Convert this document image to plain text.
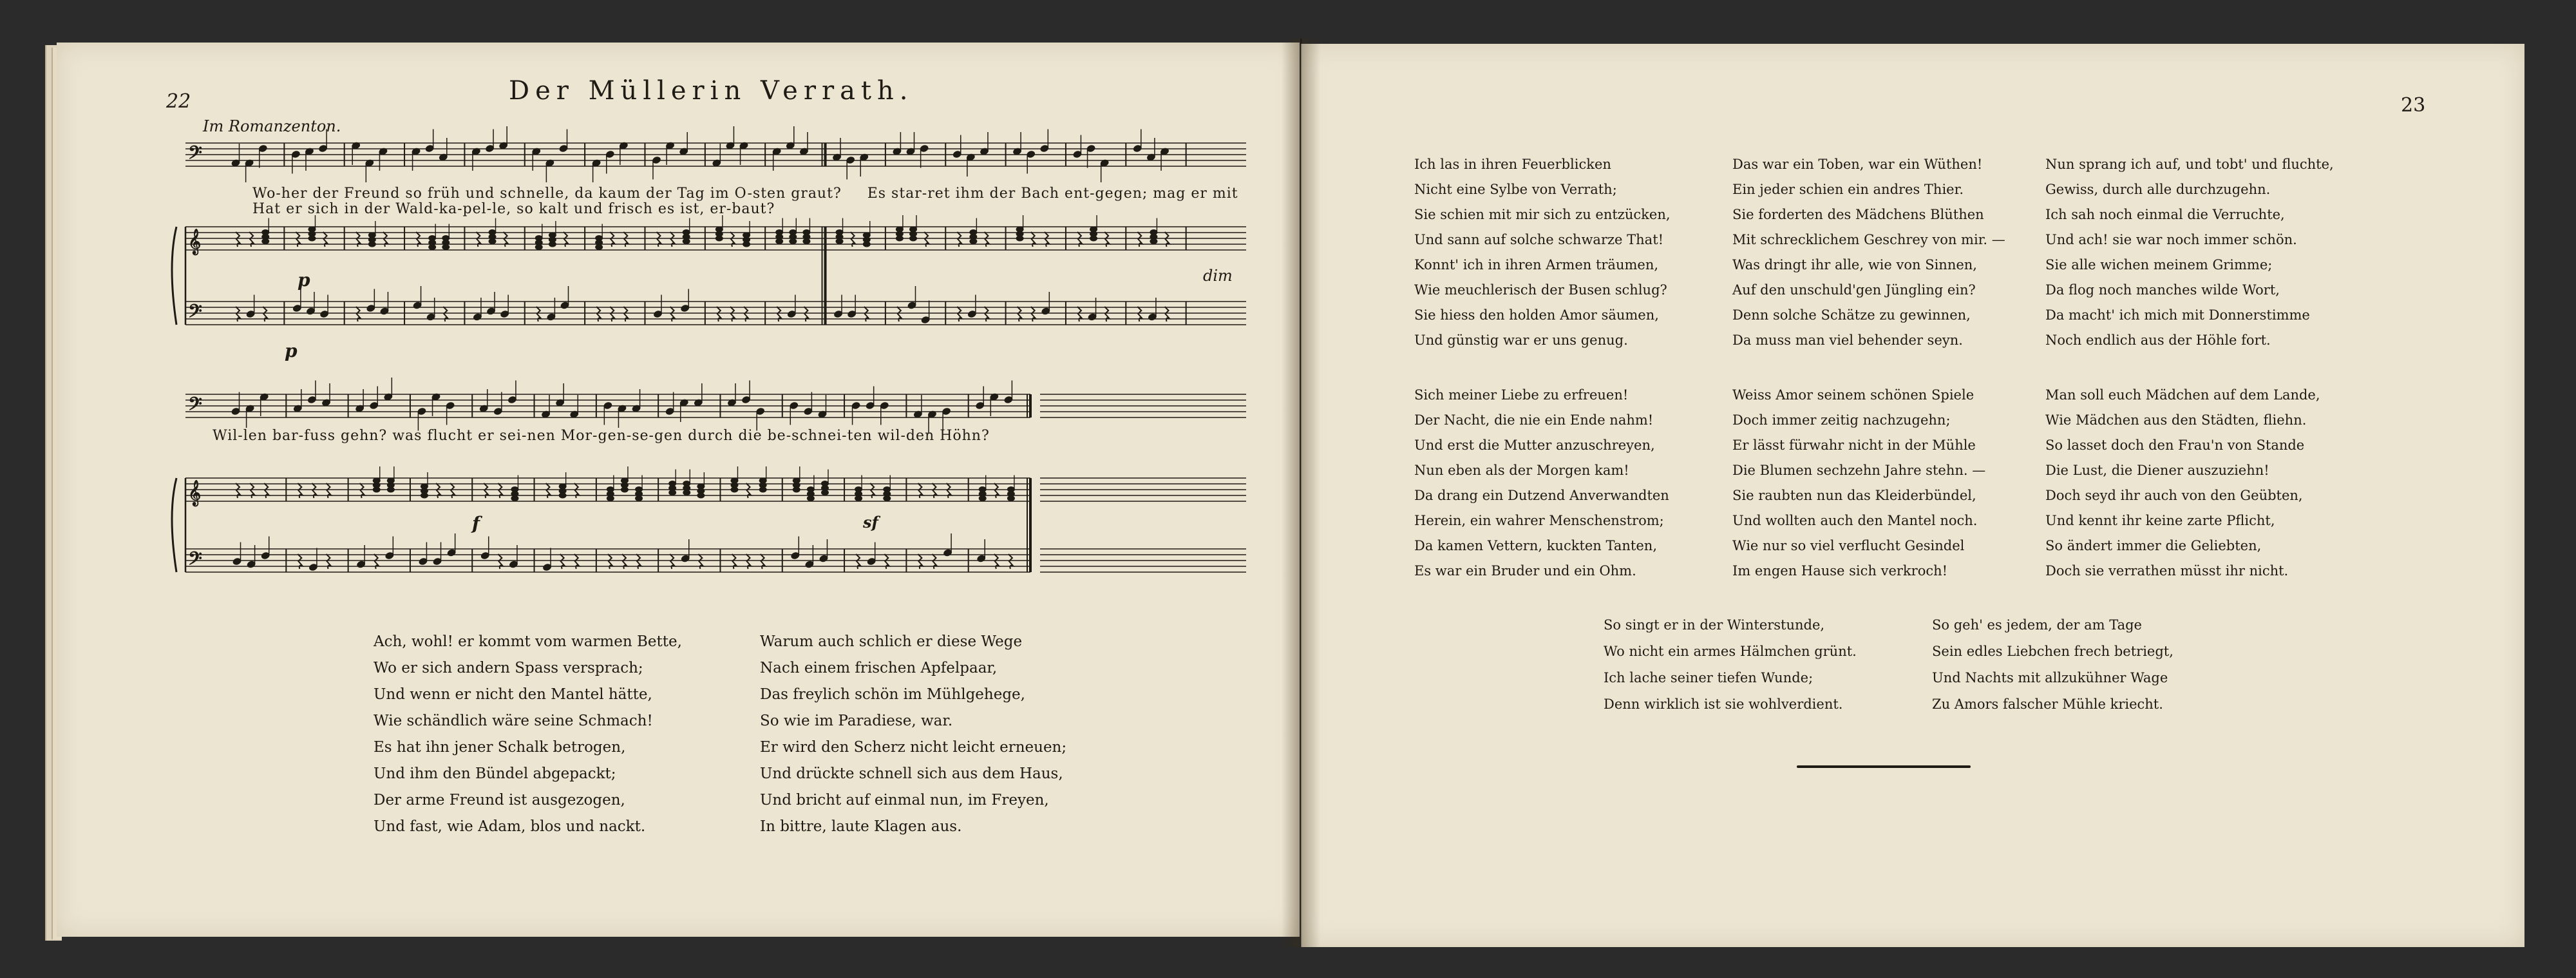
22	23
Der Müllerin Verrath.
Im Romanzenton.
𝄢
𝄞
𝄢
Wo-her der Freund so früh und schnelle, da kaum der Tag im O-sten graut?     Es star-ret ihm der Bach ent-gegen; mag er mit
Hat er sich in der Wald-ka-pel-le, so kalt und frisch es ist, er-baut?
p
p
dim
𝄢
𝄞
𝄢
Wil-len bar-fuss gehn? was flucht er sei-nen Mor-gen-se-gen durch die be-schnei-ten wil-den Höhn?
f	sf
Ach, wohl! er kommt vom warmen Bette,
Wo er sich andern Spass versprach;
Und wenn er nicht den Mantel hätte,
Wie schändlich wäre seine Schmach!
Es hat ihn jener Schalk betrogen,
Und ihm den Bündel abgepackt;
Der arme Freund ist ausgezogen,
Und fast, wie Adam, blos und nackt.
Warum auch schlich er diese Wege
Nach einem frischen Apfelpaar,
Das freylich schön im Mühlgehege,
So wie im Paradiese, war.
Er wird den Scherz nicht leicht erneuen;
Und drückte schnell sich aus dem Haus,
Und bricht auf einmal nun, im Freyen,
In bittre, laute Klagen aus.
Ich las in ihren Feuerblicken
Nicht eine Sylbe von Verrath;
Sie schien mit mir sich zu entzücken,
Und sann auf solche schwarze That!
Konnt' ich in ihren Armen träumen,
Wie meuchlerisch der Busen schlug?
Sie hiess den holden Amor säumen,
Und günstig war er uns genug.
Das war ein Toben, war ein Wüthen!
Ein jeder schien ein andres Thier.
Sie forderten des Mädchens Blüthen
Mit schrecklichem Geschrey von mir. —
Was dringt ihr alle, wie von Sinnen,
Auf den unschuld'gen Jüngling ein?
Denn solche Schätze zu gewinnen,
Da muss man viel behender seyn.
Nun sprang ich auf, und tobt' und fluchte,
Gewiss, durch alle durchzugehn.
Ich sah noch einmal die Verruchte,
Und ach! sie war noch immer schön.
Sie alle wichen meinem Grimme;
Da flog noch manches wilde Wort,
Da macht' ich mich mit Donnerstimme
Noch endlich aus der Höhle fort.
Sich meiner Liebe zu erfreuen!
Der Nacht, die nie ein Ende nahm!
Und erst die Mutter anzuschreyen,
Nun eben als der Morgen kam!
Da drang ein Dutzend Anverwandten
Herein, ein wahrer Menschenstrom;
Da kamen Vettern, kuckten Tanten,
Es war ein Bruder und ein Ohm.
Weiss Amor seinem schönen Spiele
Doch immer zeitig nachzugehn;
Er lässt fürwahr nicht in der Mühle
Die Blumen sechzehn Jahre stehn. —
Sie raubten nun das Kleiderbündel,
Und wollten auch den Mantel noch.
Wie nur so viel verflucht Gesindel
Im engen Hause sich verkroch!
Man soll euch Mädchen auf dem Lande,
Wie Mädchen aus den Städten, fliehn.
So lasset doch den Frau'n von Stande
Die Lust, die Diener auszuziehn!
Doch seyd ihr auch von den Geübten,
Und kennt ihr keine zarte Pflicht,
So ändert immer die Geliebten,
Doch sie verrathen müsst ihr nicht.
So singt er in der Winterstunde,
Wo nicht ein armes Hälmchen grünt.
Ich lache seiner tiefen Wunde;
Denn wirklich ist sie wohlverdient.
So geh' es jedem, der am Tage
Sein edles Liebchen frech betriegt,
Und Nachts mit allzukühner Wage
Zu Amors falscher Mühle kriecht.
